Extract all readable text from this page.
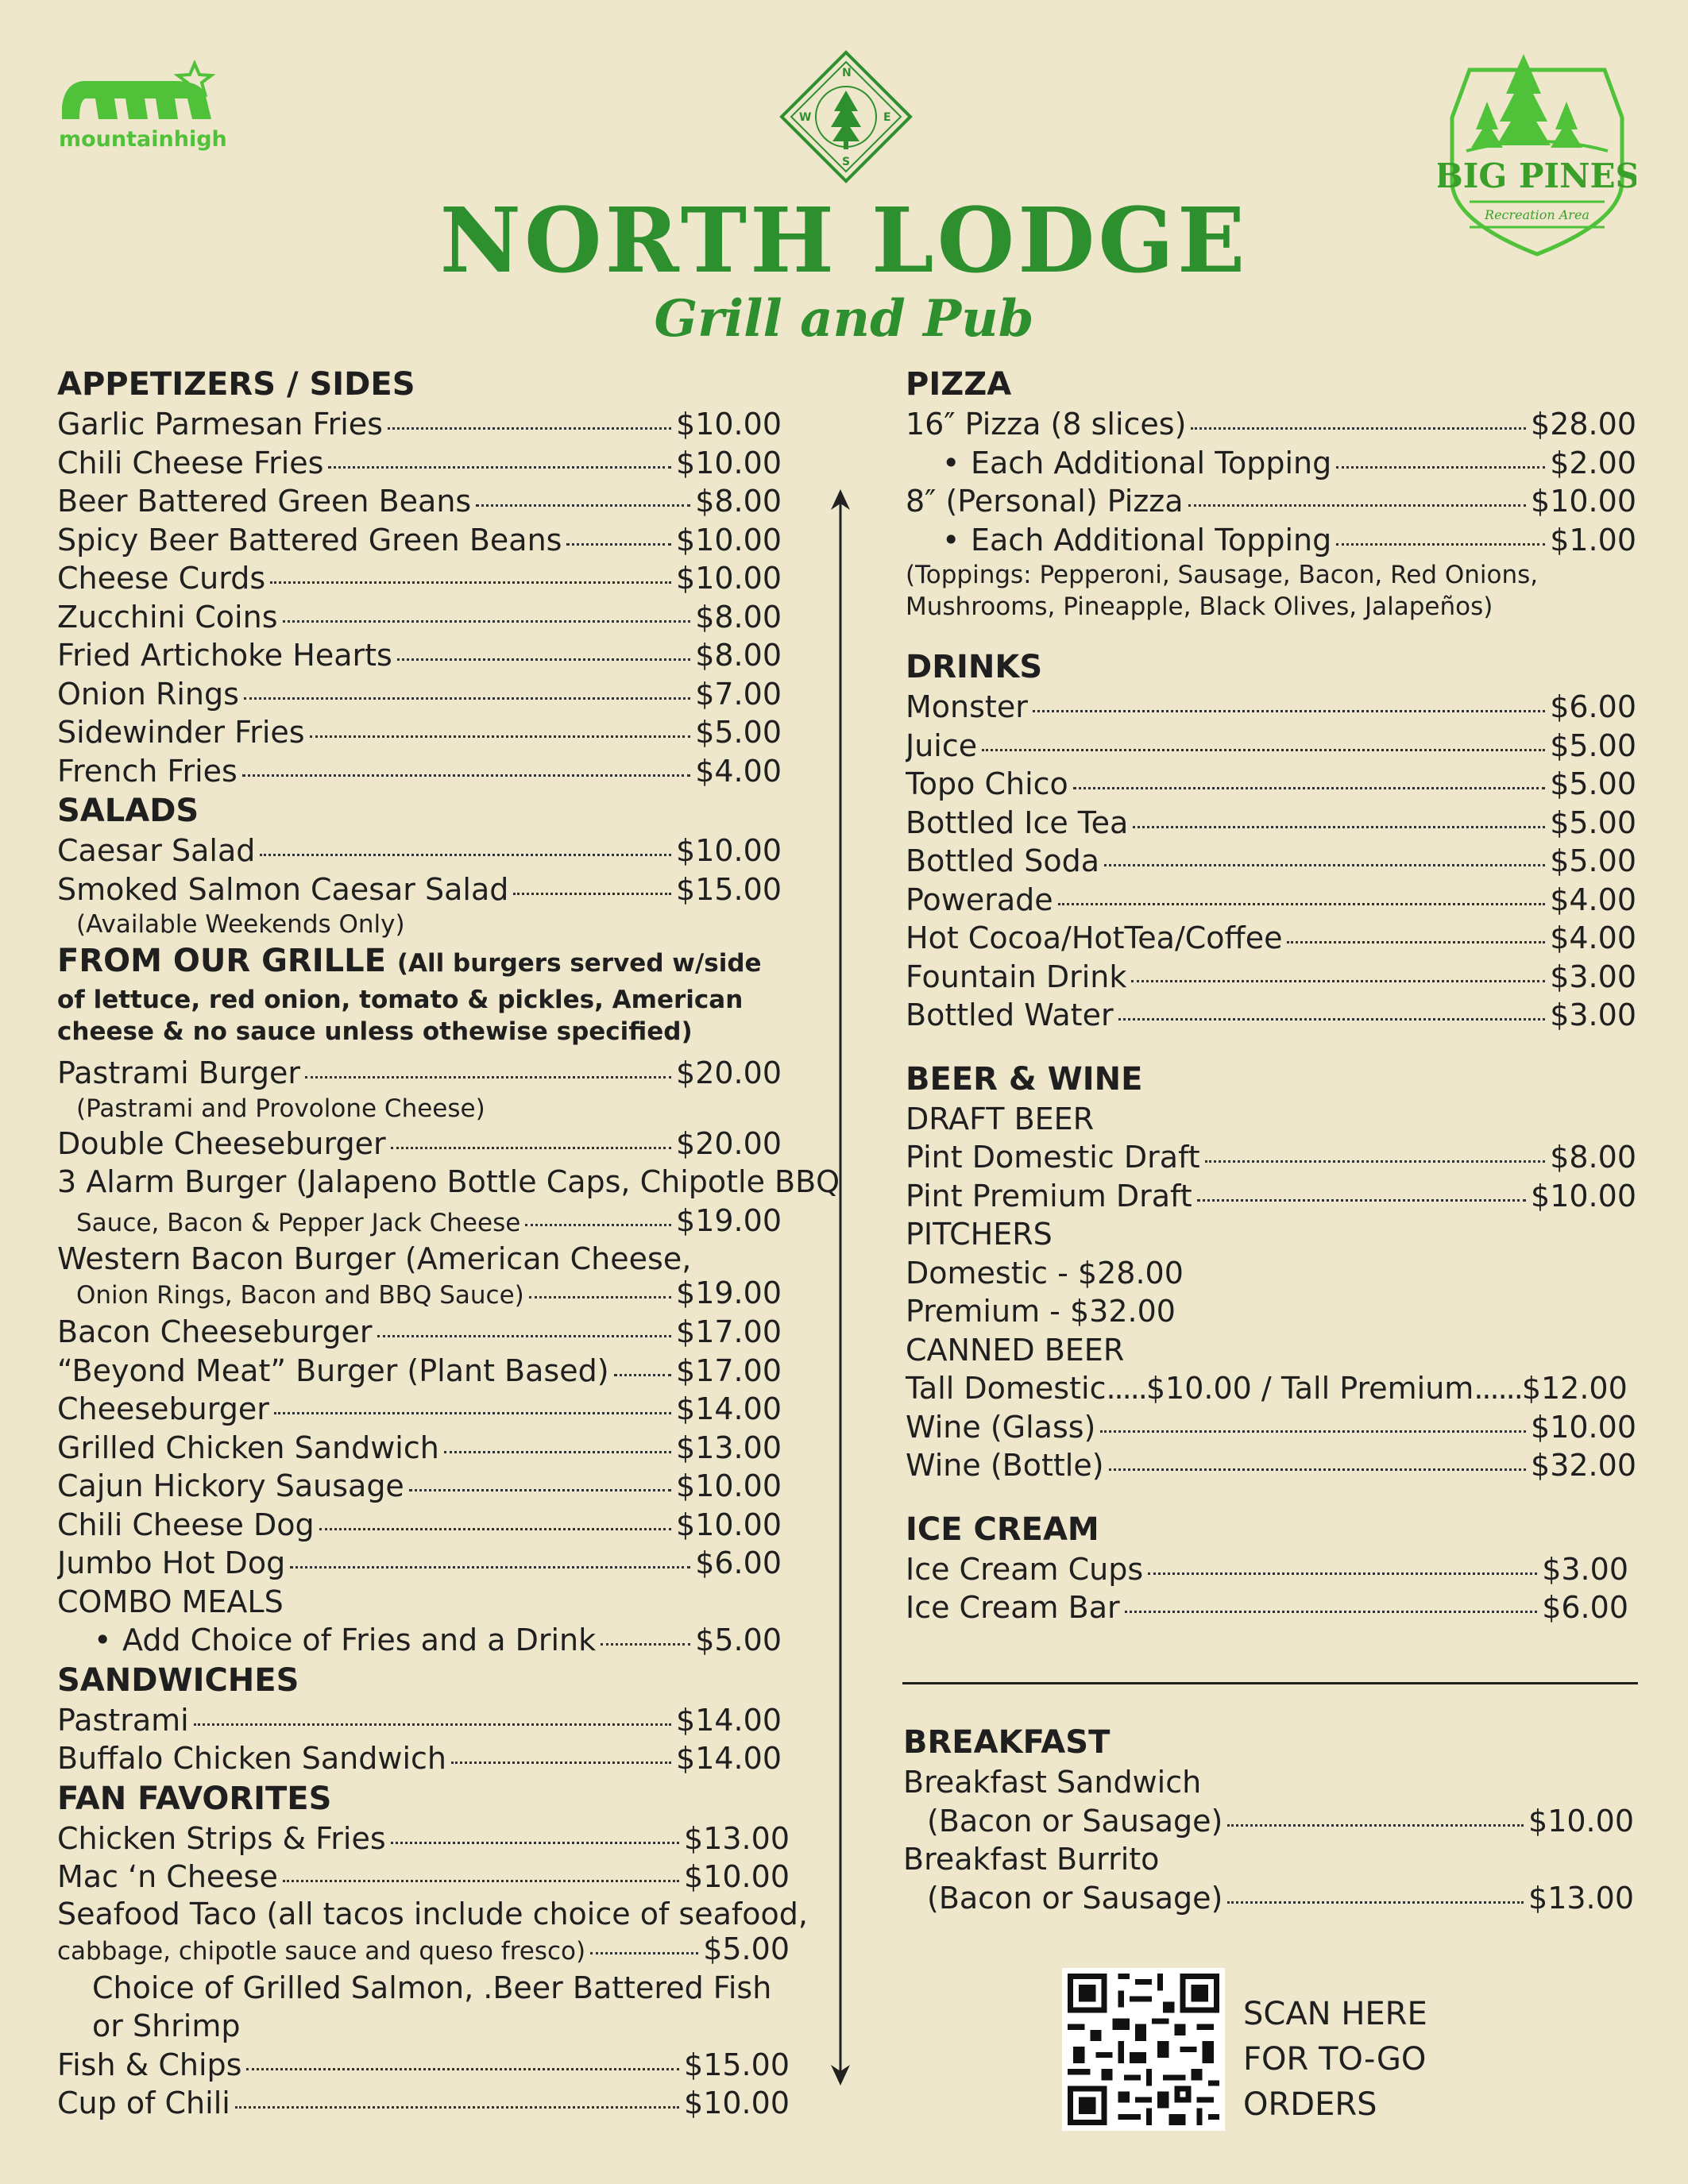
mountainhigh
N
E
S
W
BIG PINES
Recreation Area
NORTH LODGE
Grill and Pub
APPETIZERS / SIDES
Garlic Parmesan Fries	$10.00
Chili Cheese Fries	$10.00
Beer Battered Green Beans	$8.00
Spicy Beer Battered Green Beans	$10.00
Cheese Curds	$10.00
Zucchini Coins	$8.00
Fried Artichoke Hearts	$8.00
Onion Rings	$7.00
Sidewinder Fries	$5.00
French Fries	$4.00
SALADS
Caesar Salad	$10.00
Smoked Salmon Caesar Salad	$15.00
(Available Weekends Only)
FROM OUR GRILLE (All burgers served w/side
of lettuce, red onion, tomato & pickles, American
cheese & no sauce unless othewise specified)
Pastrami Burger	$20.00
(Pastrami and Provolone Cheese)
Double Cheeseburger	$20.00
3 Alarm Burger (Jalapeno Bottle Caps, Chipotle BBQ
Sauce, Bacon & Pepper Jack Cheese	$19.00
Western Bacon Burger (American Cheese,
Onion Rings, Bacon and BBQ Sauce)	$19.00
Bacon Cheeseburger	$17.00
“Beyond Meat” Burger (Plant Based) $17.00
Cheeseburger	$14.00
Grilled Chicken Sandwich	$13.00
Cajun Hickory Sausage	$10.00
Chili Cheese Dog	$10.00
Jumbo Hot Dog	$6.00
COMBO MEALS
• Add Choice of Fries and a Drink	$5.00
SANDWICHES
Pastrami	$14.00
Buffalo Chicken Sandwich	$14.00
FAN FAVORITES
Chicken Strips & Fries	$13.00
Mac ‘n Cheese	$10.00
Seafood Taco (all tacos include choice of seafood,
cabbage, chipotle sauce and queso fresco)	$5.00
Choice of Grilled Salmon, .Beer Battered Fish
or Shrimp
Fish & Chips	$15.00
Cup of Chili	$10.00
PIZZA
16″ Pizza (8 slices)	$28.00
• Each Additional Topping	$2.00
8″ (Personal) Pizza	$10.00
• Each Additional Topping	$1.00
(Toppings: Pepperoni, Sausage, Bacon, Red Onions,
Mushrooms, Pineapple, Black Olives, Jalapeños)
DRINKS
Monster	$6.00
Juice	$5.00
Topo Chico	$5.00
Bottled Ice Tea	$5.00
Bottled Soda	$5.00
Powerade	$4.00
Hot Cocoa/HotTea/Coffee	$4.00
Fountain Drink	$3.00
Bottled Water	$3.00
BEER & WINE
DRAFT BEER
Pint Domestic Draft	$8.00
Pint Premium Draft	$10.00
PITCHERS
Domestic - $28.00
Premium - $32.00
CANNED BEER
Tall Domestic.....$10.00 / Tall Premium......$12.00
Wine (Glass)	$10.00
Wine (Bottle)	$32.00
ICE CREAM
Ice Cream Cups	$3.00
Ice Cream Bar	$6.00
BREAKFAST
Breakfast Sandwich
(Bacon or Sausage)	$10.00
Breakfast Burrito
(Bacon or Sausage)	$13.00
SCAN HERE
FOR TO-GO
ORDERS
